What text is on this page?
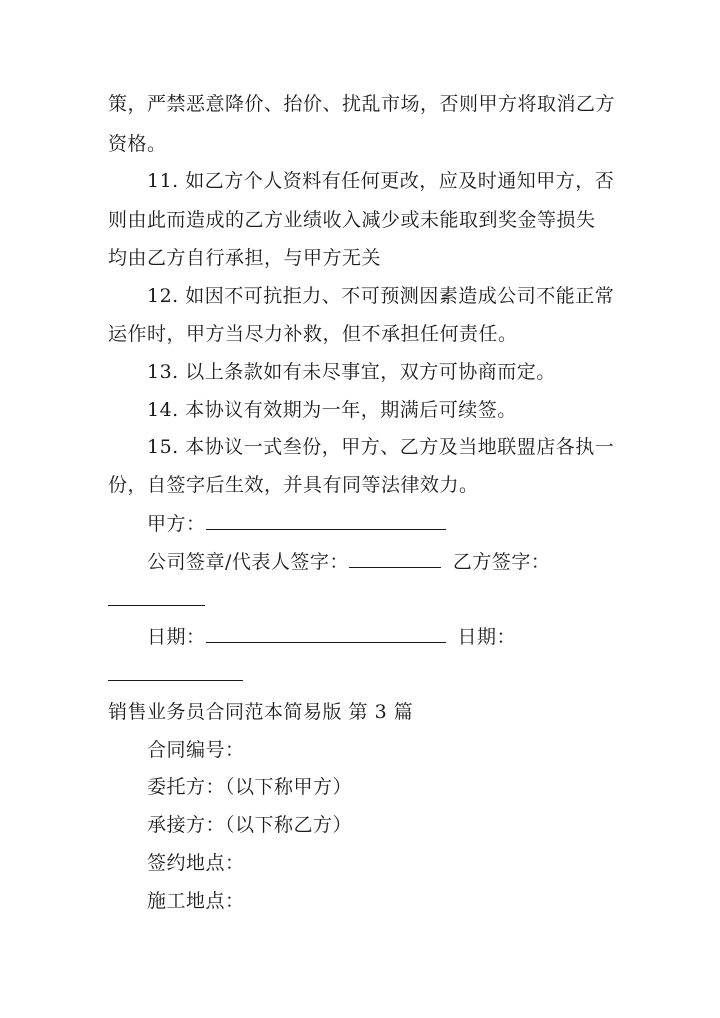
策，严禁恶意降价、抬价、扰乱市场，否则甲方将取消乙方
资格。
11. 如乙方个人资料有任何更改，应及时通知甲方，否
则由此而造成的乙方业绩收入减少或未能取到奖金等损失
均由乙方自行承担，与甲方无关
12. 如因不可抗拒力、不可预测因素造成公司不能正常
运作时，甲方当尽力补救，但不承担任何责任。
13. 以上条款如有未尽事宜，双方可协商而定。
14. 本协议有效期为一年，期满后可续签。
15. 本协议一式叁份，甲方、乙方及当地联盟店各执一
份，自签字后生效，并具有同等法律效力。
甲方：
公司签章/代表人签字：	乙方签字：
日期：	日期：
销售业务员合同范本简易版 第 3 篇
合同编号：
委托方：（以下称甲方）
承接方：（以下称乙方）
签约地点：
施工地点：
